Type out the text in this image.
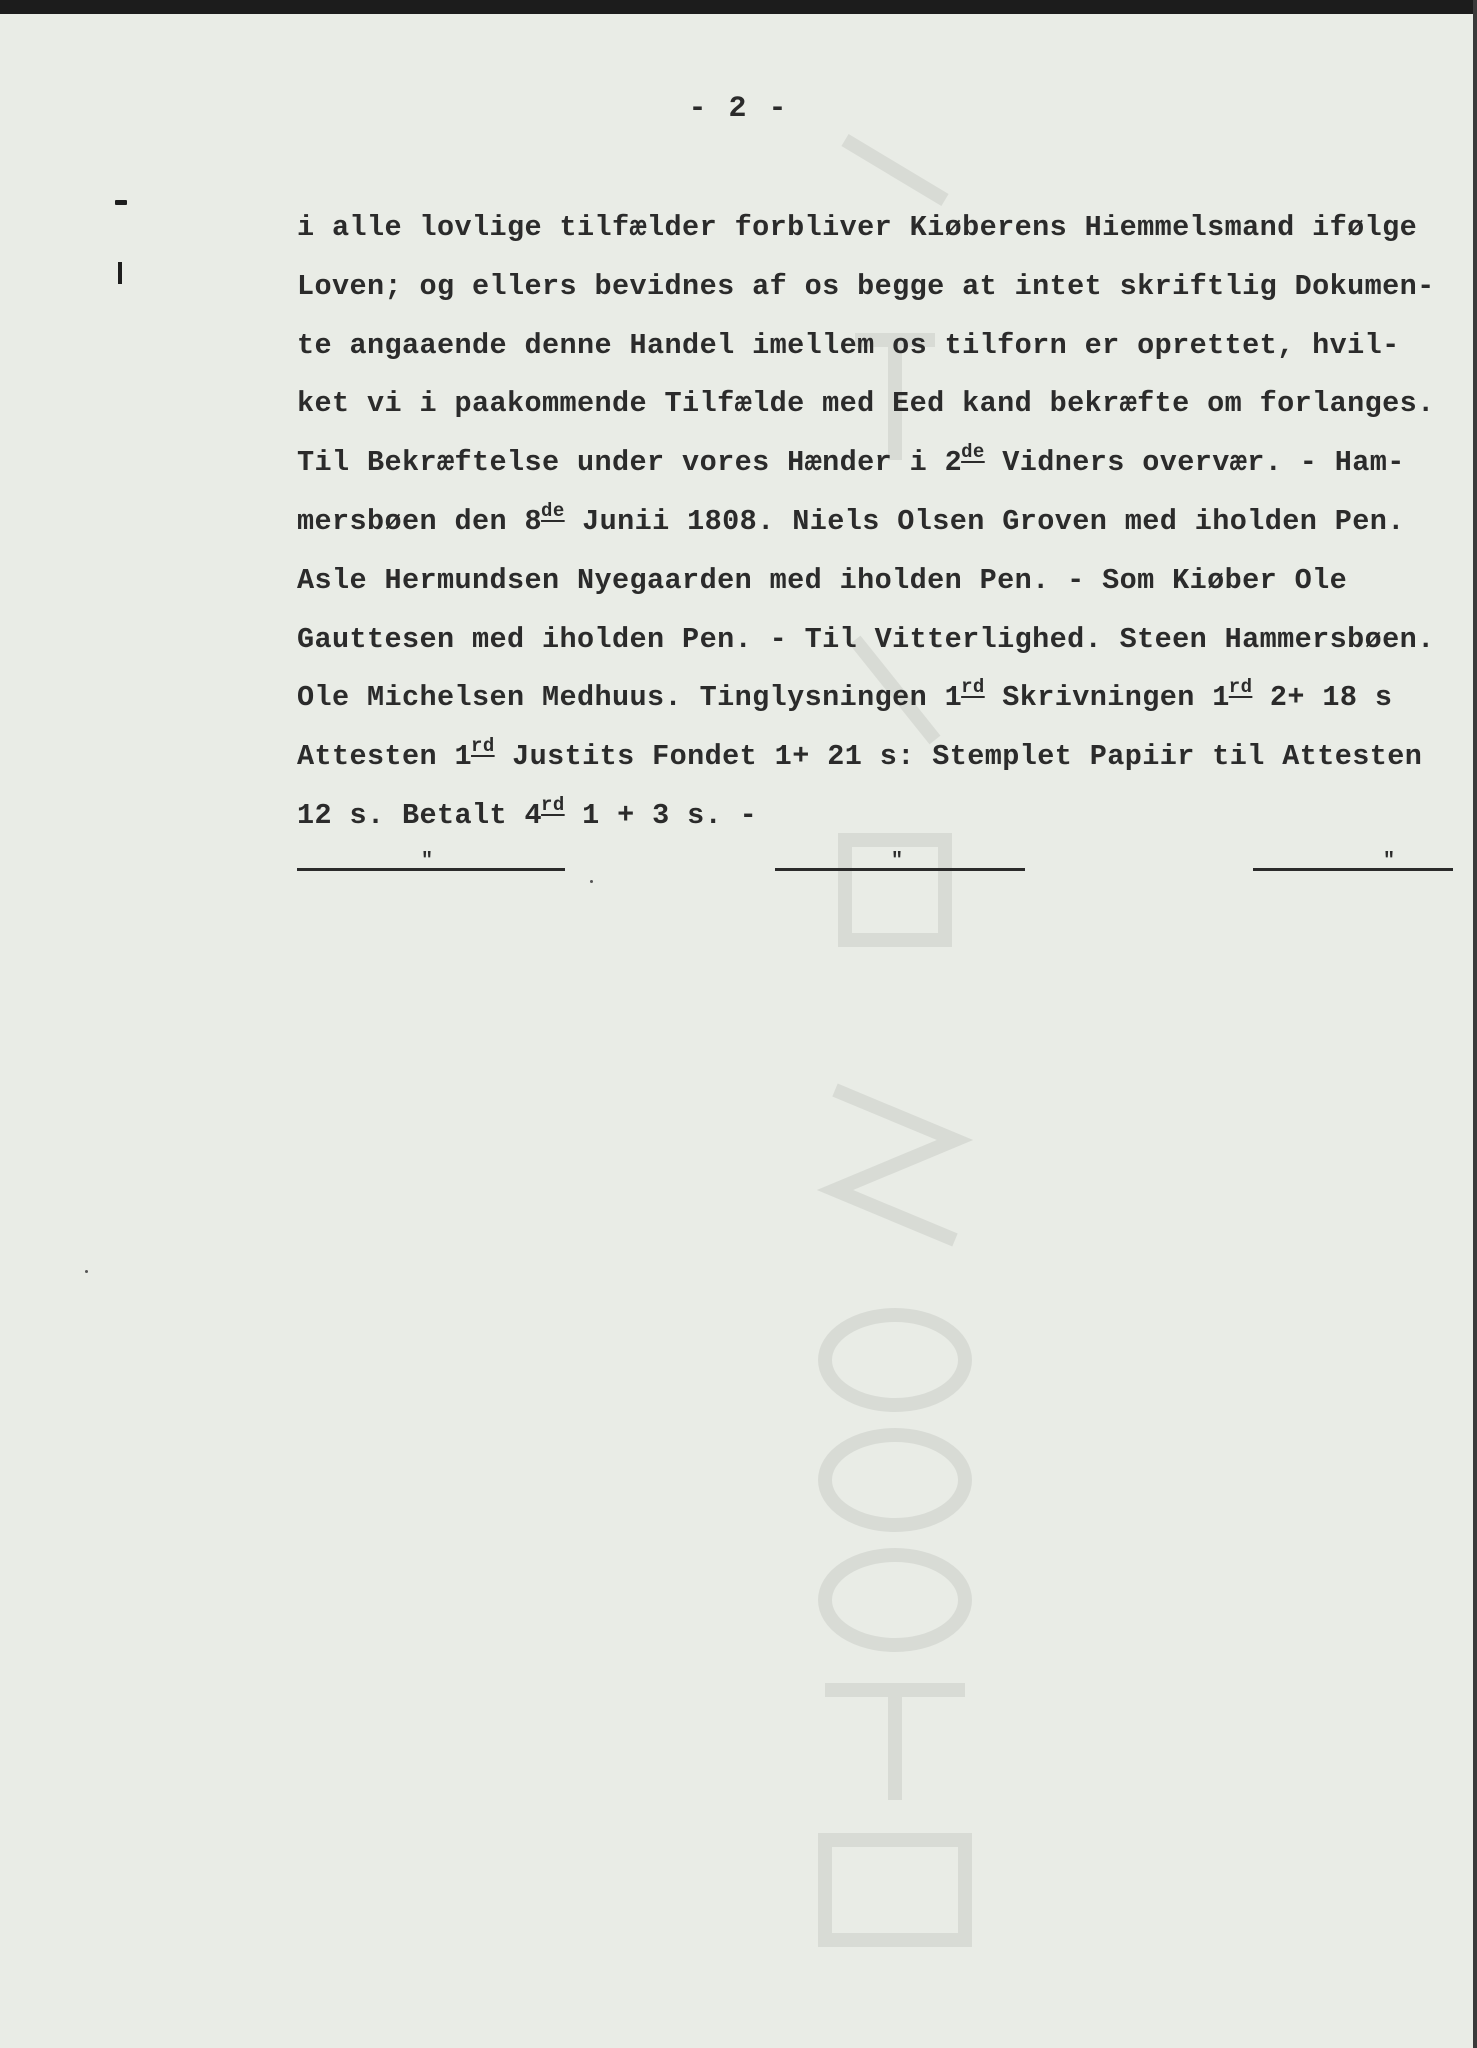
- 2 -
i alle lovlige tilfælder forbliver Kiøberens Hiemmelsmand ifølge
Loven; og ellers bevidnes af os begge at intet skriftlig Dokumen-
te angaaende denne Handel imellem os tilforn er oprettet, hvil-
ket vi i paakommende Tilfælde med Eed kand bekræfte om forlanges.
Til Bekræftelse under vores Hænder i 2de Vidners overvær. - Ham-
mersbøen den 8de Junii 1808. Niels Olsen Groven med iholden Pen.
Asle Hermundsen Nyegaarden med iholden Pen. - Som Kiøber Ole
Gauttesen med iholden Pen. - Til Vitterlighed. Steen Hammersbøen.
Ole Michelsen Medhuus. Tinglysningen 1rd Skrivningen 1rd 2+ 18 s
Attesten 1rd Justits Fondet 1+ 21 s: Stemplet Papiir til Attesten
12 s. Betalt 4rd 1 + 3 s. -
"	"	"
